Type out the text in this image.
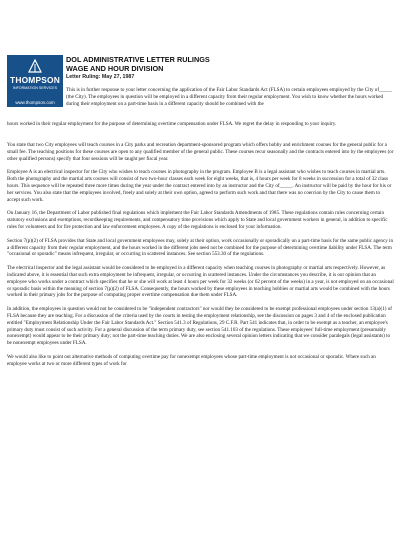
THOMPSON
INFORMATION SERVICES
www.thompson.com
DOL ADMINISTRATIVE LETTER RULINGS
WAGE AND HOUR DIVISION
Letter Ruling: May 27, 1987

This is in further response to your letter concerning the application of the Fair Labor Standards Act (FLSA) to certain employees employed by the City of_____ (the City). The employees in question will be employed in a different capacity from their regular employment. You wish to know whether the hours worked during their employment on a part-time basis in a different capacity should be combined with the

hours worked in their regular employment for the purpose of determining overtime compensation under FLSA. We regret the delay in responding to your inquiry.

You state that two City employees will teach courses in a City parks and recreation department-sponsored program which offers hobby and enrichment courses for the general public for a small fee. The teaching positions for these courses are open to any qualified member of the general public. These courses recur seasonally and the contracts entered into by the employees (or other qualified persons) specify that four sessions will be taught per fiscal year.

Employee A is an electrical inspector for the City who wishes to teach courses in photography in the program. Employee B is a legal assistant who wishes to teach courses in martial arts. Both the photography and the martial arts courses will consist of two two-hour classes each week for eight weeks, that is, 4 hours per week for 8 weeks in succession for a total of 32 class hours. This sequence will be repeated three more times during the year under the contract entered into by an instructor and the City of_____. An instructor will be paid by the hour for his or her services. You also state that the employees involved, freely and solely at their own option, agreed to perform such work and that there was no coercion by the City to cause them to accept such work.

On January 16, the Department of Labor published final regulations which implement the Fair Labor Standards Amendments of 1985. These regulations contain rules concerning certain statutory exclusions and exemptions, recordkeeping requirements, and compensatory time provisions which apply to State and local government workers in general, in addition to specific rules for volunteers and for fire protection and law enforcement employees. A copy of the regulations is enclosed for your information.

Section 7(p)(2) of FLSA provides that State and local government employees may, solely at their option, work occasionally or sporadically on a part-time basis for the same public agency in a different capacity from their regular employment, and the hours worked in the different jobs need not be combined for the purpose of determining overtime liability under FLSA. The term "occasional or sporadic" means infrequent, irregular, or occurring in scattered instances. See section 553.30 of the regulations.

The electrical inspector and the legal assistant would be considered to be employed in a different capacity when teaching courses in photography or martial arts respectively. However, as indicated above, it is essential that such extra employment be infrequent, irregular, or occurring in scattered instances. Under the circumstances you describe, it is our opinion that an employee who works under a contract which specifies that he or she will work at least 4 hours per week for 32 weeks (or 62 percent of the weeks) in a year, is not employed on an occasional or sporadic basis within the meaning of section 7(p)(2) of FLSA. Consequently, the hours worked by these employees in teaching hobbies or martial arts would be combined with the hours worked in their primary jobs for the purpose of computing proper overtime compensation due them under FLSA.

In addition, the employees in question would not be considered to be "independent contractors" nor would they be considered to be exempt professional employees under section 13(a)(1) of FLSA because they are teaching. For a discussion of the criteria used by the courts in testing the employment relationship, see the discussion on pages 3 and 4 of the enclosed publication entitled "Employment Relationship Under the Fair Labor Standards Act." Section 541.3 of Regulations, 29 C.F.R. Part 541 indicates that, in order to be exempt as a teacher, an employee's primary duty must consist of such activity. For a general discussion of the term primary duty, see section 541.103 of the regulations. These employees' full-time employment (presumably nonexempt) would appear to be their primary duty; not the part-time teaching duties. We are also enclosing several opinion letters indicating that we consider paralegals (legal assistants) to be nonexempt employees under FLSA.

We would also like to point out alternative methods of computing overtime pay for nonexempt employees whose part-time employment is not occasional or sporadic. Where such an employee works at two or more different types of work for
